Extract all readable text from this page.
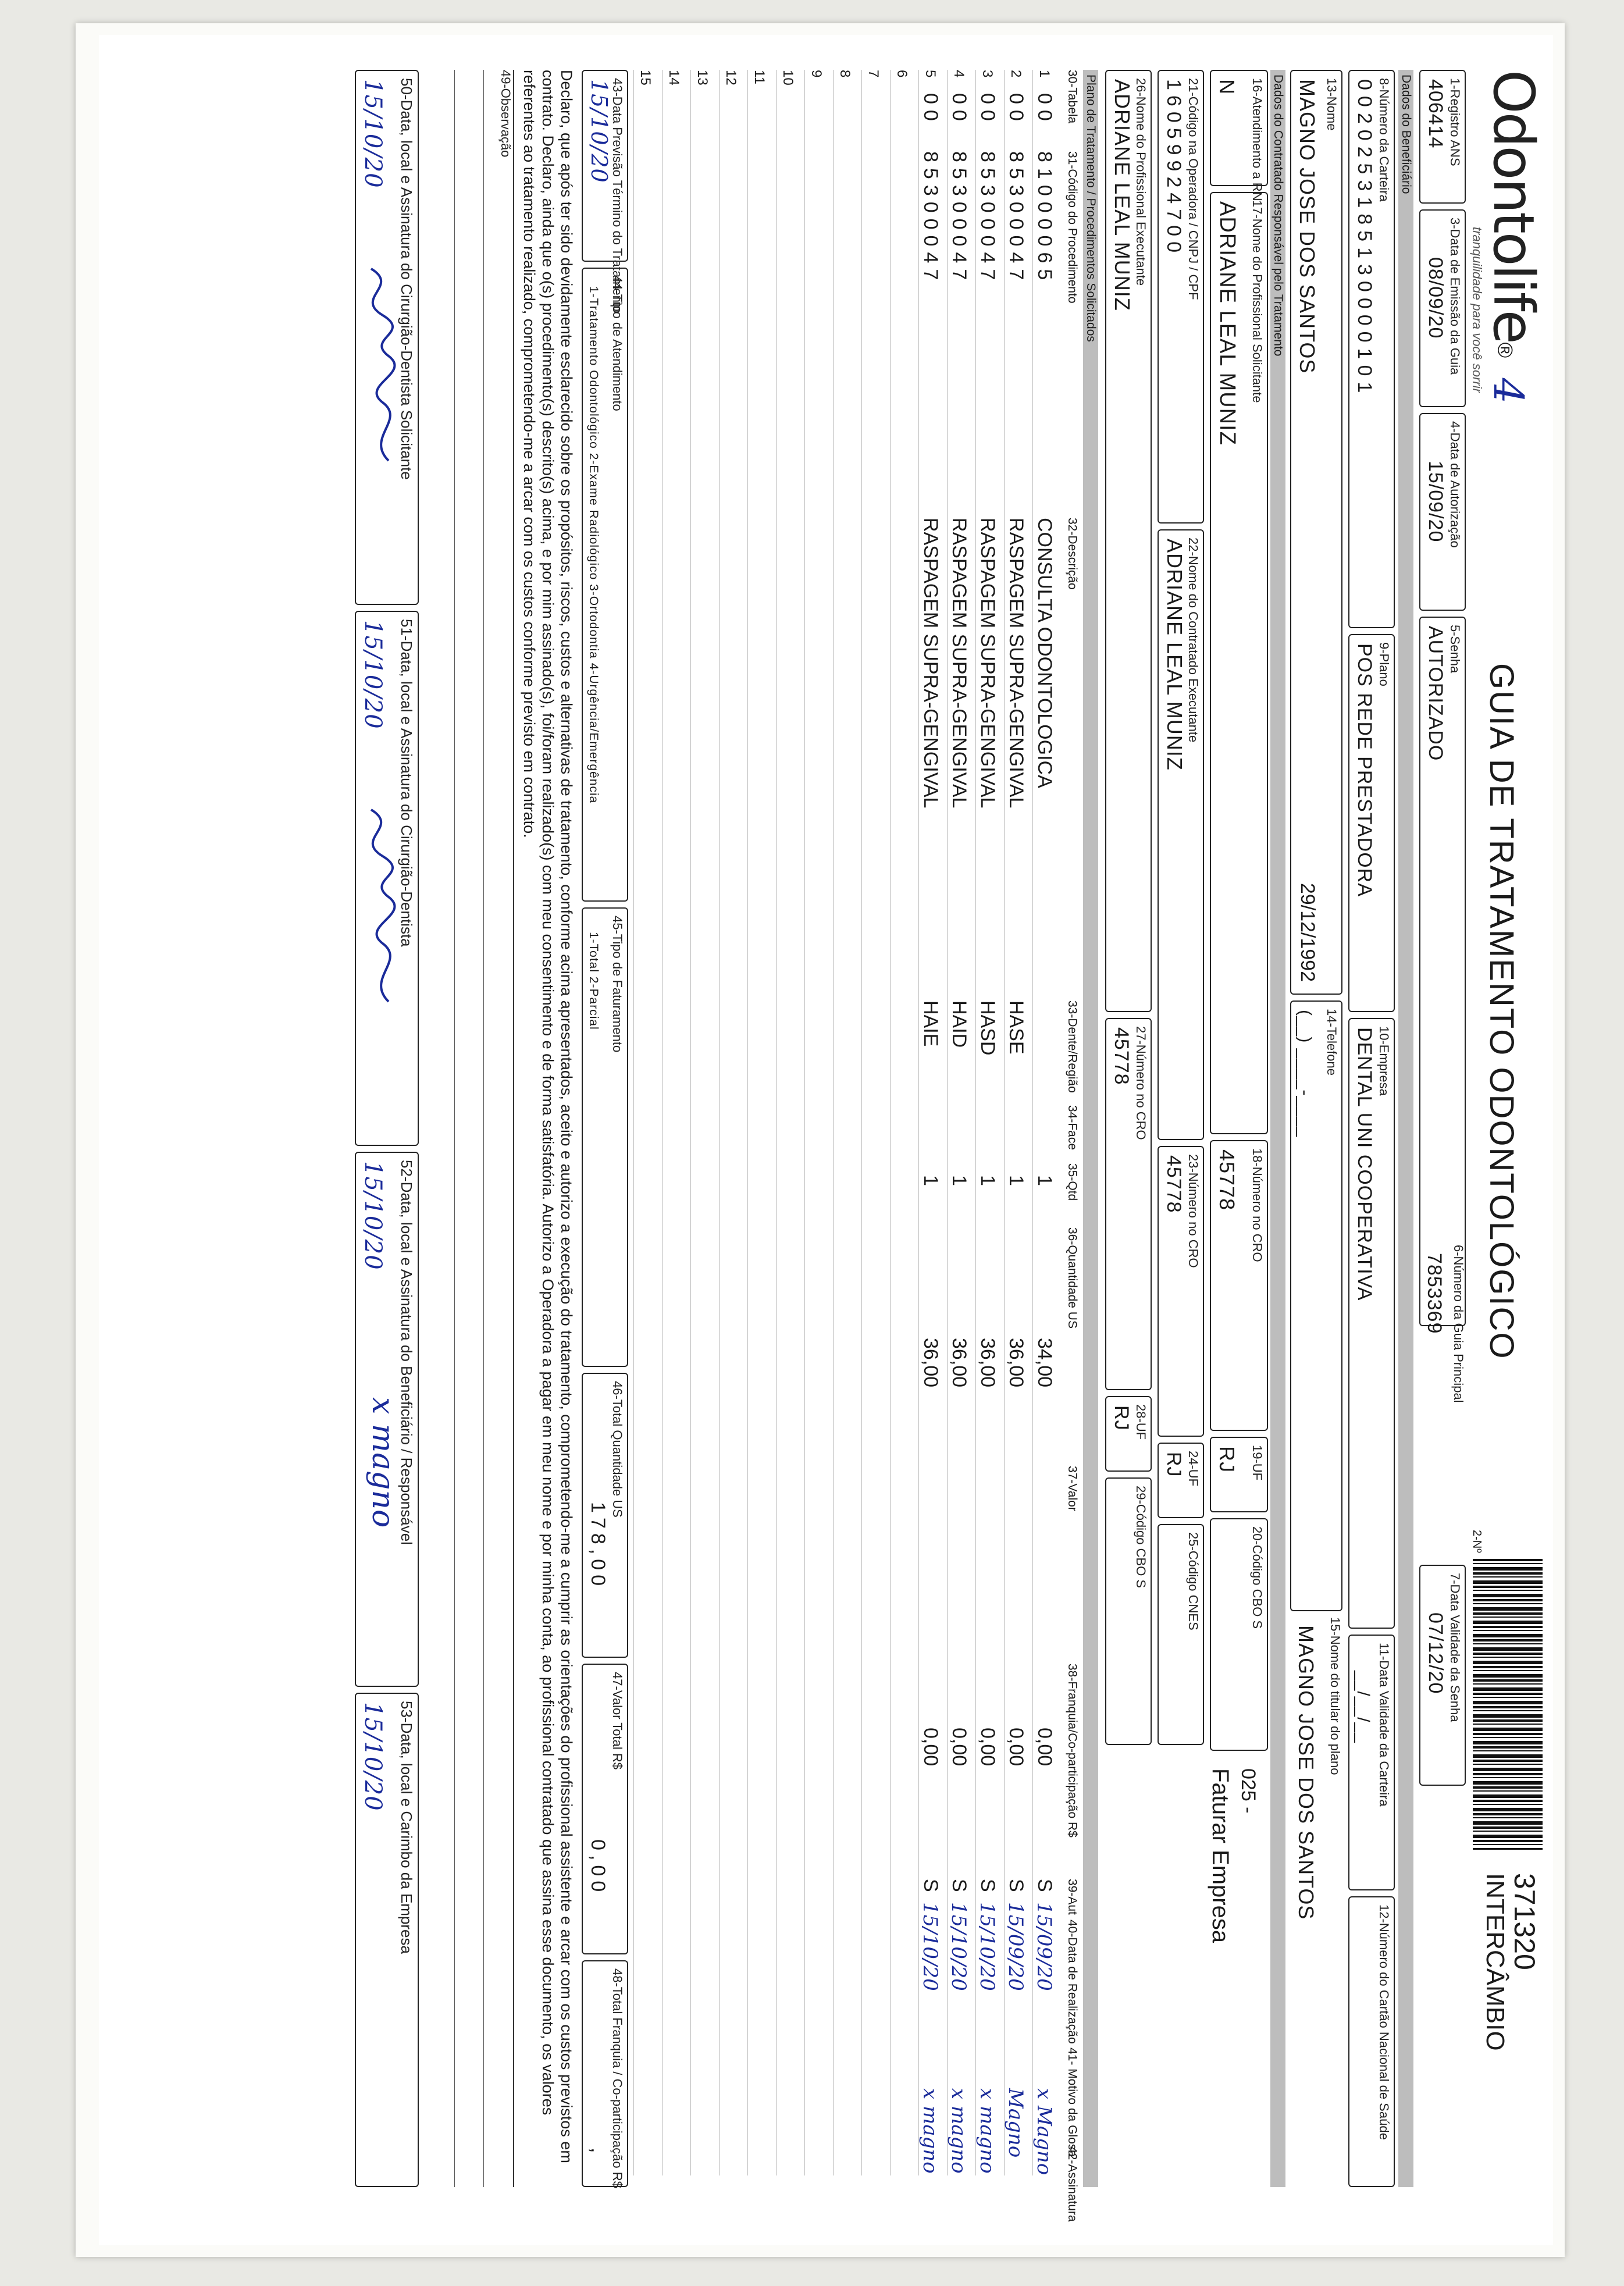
Odontolife® 4
tranquilidade para você sorrir
GUIA DE TRATAMENTO ODONTOLÓGICO
2-Nº
371320
INTERCÂMBIO
1-Registro ANS
406414
3-Data de Emissão da Guia
08/09/20
4-Data de Autorização
15/09/20
5-Senha
AUTORIZADO
6-Número da Guia Principal
7853369
7-Data Validade da Senha
07/12/20
Dados do Beneficiário
8-Número da Carteira
0020253185130000101
9-Plano
POS REDE PRESTADORA
10-Empresa
DENTAL UNI COOPERATIVA
11-Data Validade da Carteira
__/__/__
12-Número do Cartão Nacional de Saúde
13-Nome
MAGNO JOSE DOS SANTOS
29/12/1992
14-Telefone
(__) ____-____
15-Nome do titular do plano
MAGNO JOSE DOS SANTOS
Dados do Contratado Responsável pelo Tratamento
16-Atendimento a RN
N
17-Nome do Profissional Solicitante
ADRIANE LEAL MUNIZ
18-Número no CRO
45778
19-UF
RJ
20-Código CBO S
025 -
Faturar Empresa
21-Código na Operadora / CNPJ / CPF
16059924700
22-Nome do Contratado Executante
ADRIANE LEAL MUNIZ
23-Número no CRO
45778
24-UF
RJ
25-Código CNES
26-Nome do Profissional Executante
ADRIANE LEAL MUNIZ
27-Número no CRO
45778
28-UF
RJ
29-Código CBO S
Plano de Tratamento / Procedimentos Solicitados
30-Tabela
31-Código do Procedimento
32-Descrição
33-Dente/Região
34-Face
35-Qtd
36-Quantidade US
37-Valor
38-Franquia/Co-participação R$
39-Aut
40-Data de Realização
41- Motivo da Glosa
42-Assinatura
1
00
81000065
CONSULTA ODONTOLOGICA
1
34,00
0,00
S
15/09/20
x Magno
2
00
85300047
RASPAGEM SUPRA-GENGIVAL
HASE
1
36,00
0,00
S
15/09/20
Magno
3
00
85300047
RASPAGEM SUPRA-GENGIVAL
HASD
1
36,00
0,00
S
15/10/20
x magno
4
00
85300047
RASPAGEM SUPRA-GENGIVAL
HAID
1
36,00
0,00
S
15/10/20
x magno
5
00
85300047
RASPAGEM SUPRA-GENGIVAL
HAIE
1
36,00
0,00
S
15/10/20
x magno
6
7
8
9
10
11
12
13
14
15
43-Data Previsão Término do Tratamento
15/10/20
44-Tipo de Atendimento
1-Tratamento Odontológico 2-Exame Radiológico 3-Ortodontia 4-Urgência/Emergência
45-Tipo de Faturamento
1-Total 2-Parcial
46-Total Quantidade US
178,00
47-Valor Total R$
0,00
48-Total Franquia / Co-participação R$
,
Declaro, que após ter sido devidamente esclarecido sobre os propósitos, riscos, custos e alternativas de tratamento, conforme acima apresentados, aceito e autorizo a execução do tratamento, comprometendo-me a cumprir as orientações do profissional assistente e arcar com os custos previstos em contrato. Declaro, ainda que o(s) procedimento(s) descrito(s) acima, e por mim assinado(s), foi/foram realizado(s) com meu consentimento e de forma satisfatória. Autorizo a Operadora a pagar em meu nome e por minha conta, ao profissional contratado que assina esse documento, os valores referentes ao tratamento realizado, comprometendo-me a arcar com os custos conforme previsto em contrato.
49-Observação
50-Data, local e Assinatura do Cirurgião-Dentista Solicitante
15/10/20
51-Data, local e Assinatura do Cirurgião-Dentista
15/10/20
52-Data, local e Assinatura do Beneficiário / Responsável
15/10/20
x magno
53-Data, local e Carimbo da Empresa
15/10/20
